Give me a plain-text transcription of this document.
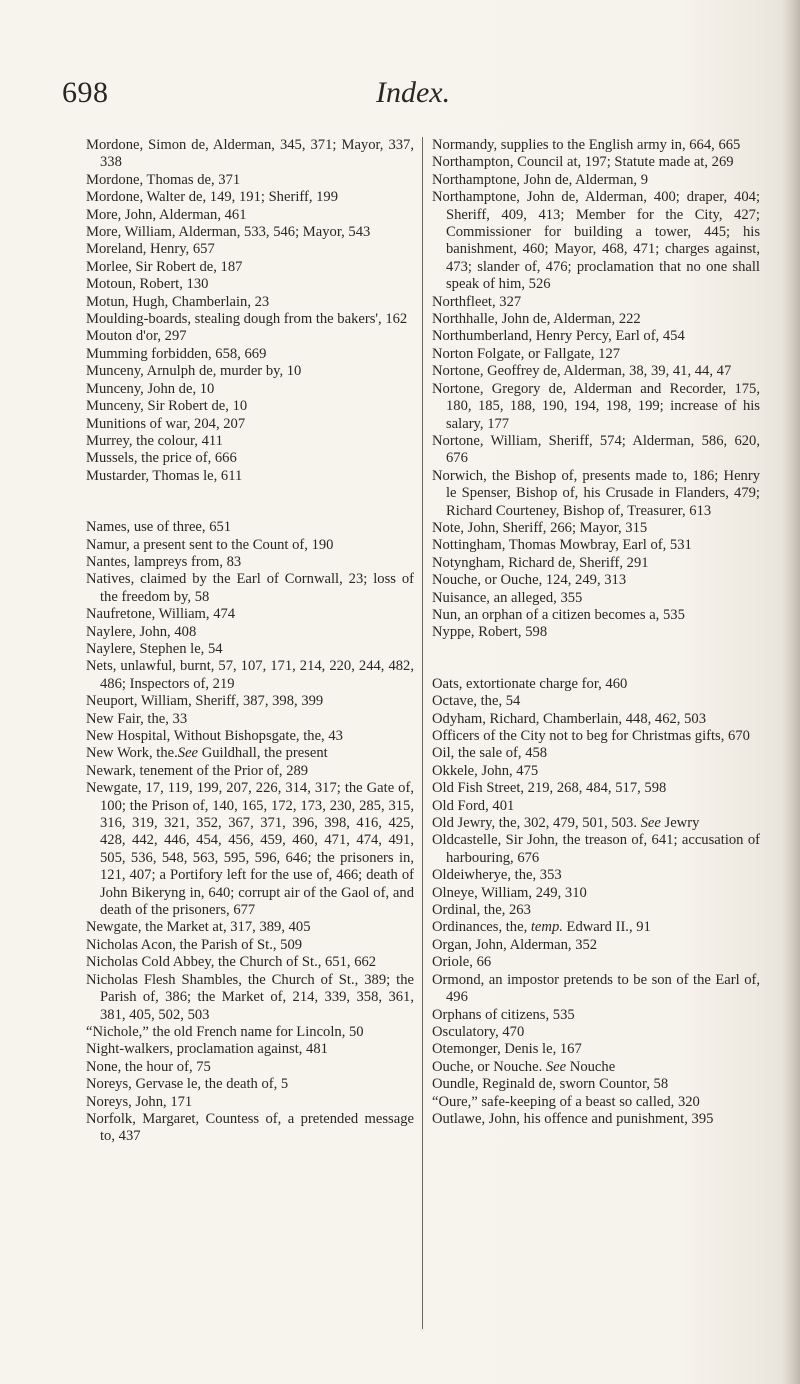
698	Index.

Mordone, Simon de, Alderman, 345, 371; Mayor, 337, 338

Mordone, Thomas de, 371

Mordone, Walter de, 149, 191; Sheriff, 199

More, John, Alderman, 461

More, William, Alderman, 533, 546; Mayor, 543

Moreland, Henry, 657

Morlee, Sir Robert de, 187

Motoun, Robert, 130

Motun, Hugh, Chamberlain, 23

Moulding-boards, stealing dough from the bakers', 162

Mouton d'or, 297

Mumming forbidden, 658, 669

Munceny, Arnulph de, murder by, 10

Munceny, John de, 10

Munceny, Sir Robert de, 10

Munitions of war, 204, 207

Murrey, the colour, 411

Mussels, the price of, 666

Mustarder, Thomas le, 611

Names, use of three, 651

Namur, a present sent to the Count of, 190

Nantes, lampreys from, 83

Natives, claimed by the Earl of Cornwall, 23; loss of the freedom by, 58

Naufretone, William, 474

Naylere, John, 408

Naylere, Stephen le, 54

Nets, unlawful, burnt, 57, 107, 171, 214, 220, 244, 482, 486; Inspectors of, 219

Neuport, William, Sheriff, 387, 398, 399

New Fair, the, 33

New Hospital, Without Bishopsgate, the, 43

New Work, the.See Guildhall, the present

Newark, tenement of the Prior of, 289

Newgate, 17, 119, 199, 207, 226, 314, 317; the Gate of, 100; the Prison of, 140, 165, 172, 173, 230, 285, 315, 316, 319, 321, 352, 367, 371, 396, 398, 416, 425, 428, 442, 446, 454, 456, 459, 460, 471, 474, 491, 505, 536, 548, 563, 595, 596, 646; the prisoners in, 121, 407; a Portifory left for the use of, 466; death of John Bikeryng in, 640; corrupt air of the Gaol of, and death of the prisoners, 677

Newgate, the Market at, 317, 389, 405

Nicholas Acon, the Parish of St., 509

Nicholas Cold Abbey, the Church of St., 651, 662

Nicholas Flesh Shambles, the Church of St., 389; the Parish of, 386; the Market of, 214, 339, 358, 361, 381, 405, 502, 503

“Nichole,” the old French name for Lincoln, 50

Night-walkers, proclamation against, 481

None, the hour of, 75

Noreys, Gervase le, the death of, 5

Noreys, John, 171

Norfolk, Margaret, Countess of, a pretended message to, 437

Normandy, supplies to the English army in, 664, 665

Northampton, Council at, 197; Statute made at, 269

Northamptone, John de, Alderman, 9

Northamptone, John de, Alderman, 400; draper, 404; Sheriff, 409, 413; Member for the City, 427; Commissioner for building a tower, 445; his banishment, 460; Mayor, 468, 471; charges against, 473; slander of, 476; proclamation that no one shall speak of him, 526

Northfleet, 327

Northhalle, John de, Alderman, 222

Northumberland, Henry Percy, Earl of, 454

Norton Folgate, or Fallgate, 127

Nortone, Geoffrey de, Alderman, 38, 39, 41, 44, 47

Nortone, Gregory de, Alderman and Recorder, 175, 180, 185, 188, 190, 194, 198, 199; increase of his salary, 177

Nortone, William, Sheriff, 574; Alderman, 586, 620, 676

Norwich, the Bishop of, presents made to, 186; Henry le Spenser, Bishop of, his Crusade in Flanders, 479; Richard Courteney, Bishop of, Treasurer, 613

Note, John, Sheriff, 266; Mayor, 315

Nottingham, Thomas Mowbray, Earl of, 531

Notyngham, Richard de, Sheriff, 291

Nouche, or Ouche, 124, 249, 313

Nuisance, an alleged, 355

Nun, an orphan of a citizen becomes a, 535

Nyppe, Robert, 598

Oats, extortionate charge for, 460

Octave, the, 54

Odyham, Richard, Chamberlain, 448, 462, 503

Officers of the City not to beg for Christmas gifts, 670

Oil, the sale of, 458

Okkele, John, 475

Old Fish Street, 219, 268, 484, 517, 598

Old Ford, 401

Old Jewry, the, 302, 479, 501, 503. See Jewry

Oldcastelle, Sir John, the treason of, 641; accusation of harbouring, 676

Oldeiwherye, the, 353

Olneye, William, 249, 310

Ordinal, the, 263

Ordinances, the, temp. Edward II., 91

Organ, John, Alderman, 352

Oriole, 66

Ormond, an impostor pretends to be son of the Earl of, 496

Orphans of citizens, 535

Osculatory, 470

Otemonger, Denis le, 167

Ouche, or Nouche. See Nouche

Oundle, Reginald de, sworn Countor, 58

“Oure,” safe-keeping of a beast so called, 320

Outlawe, John, his offence and punishment, 395
